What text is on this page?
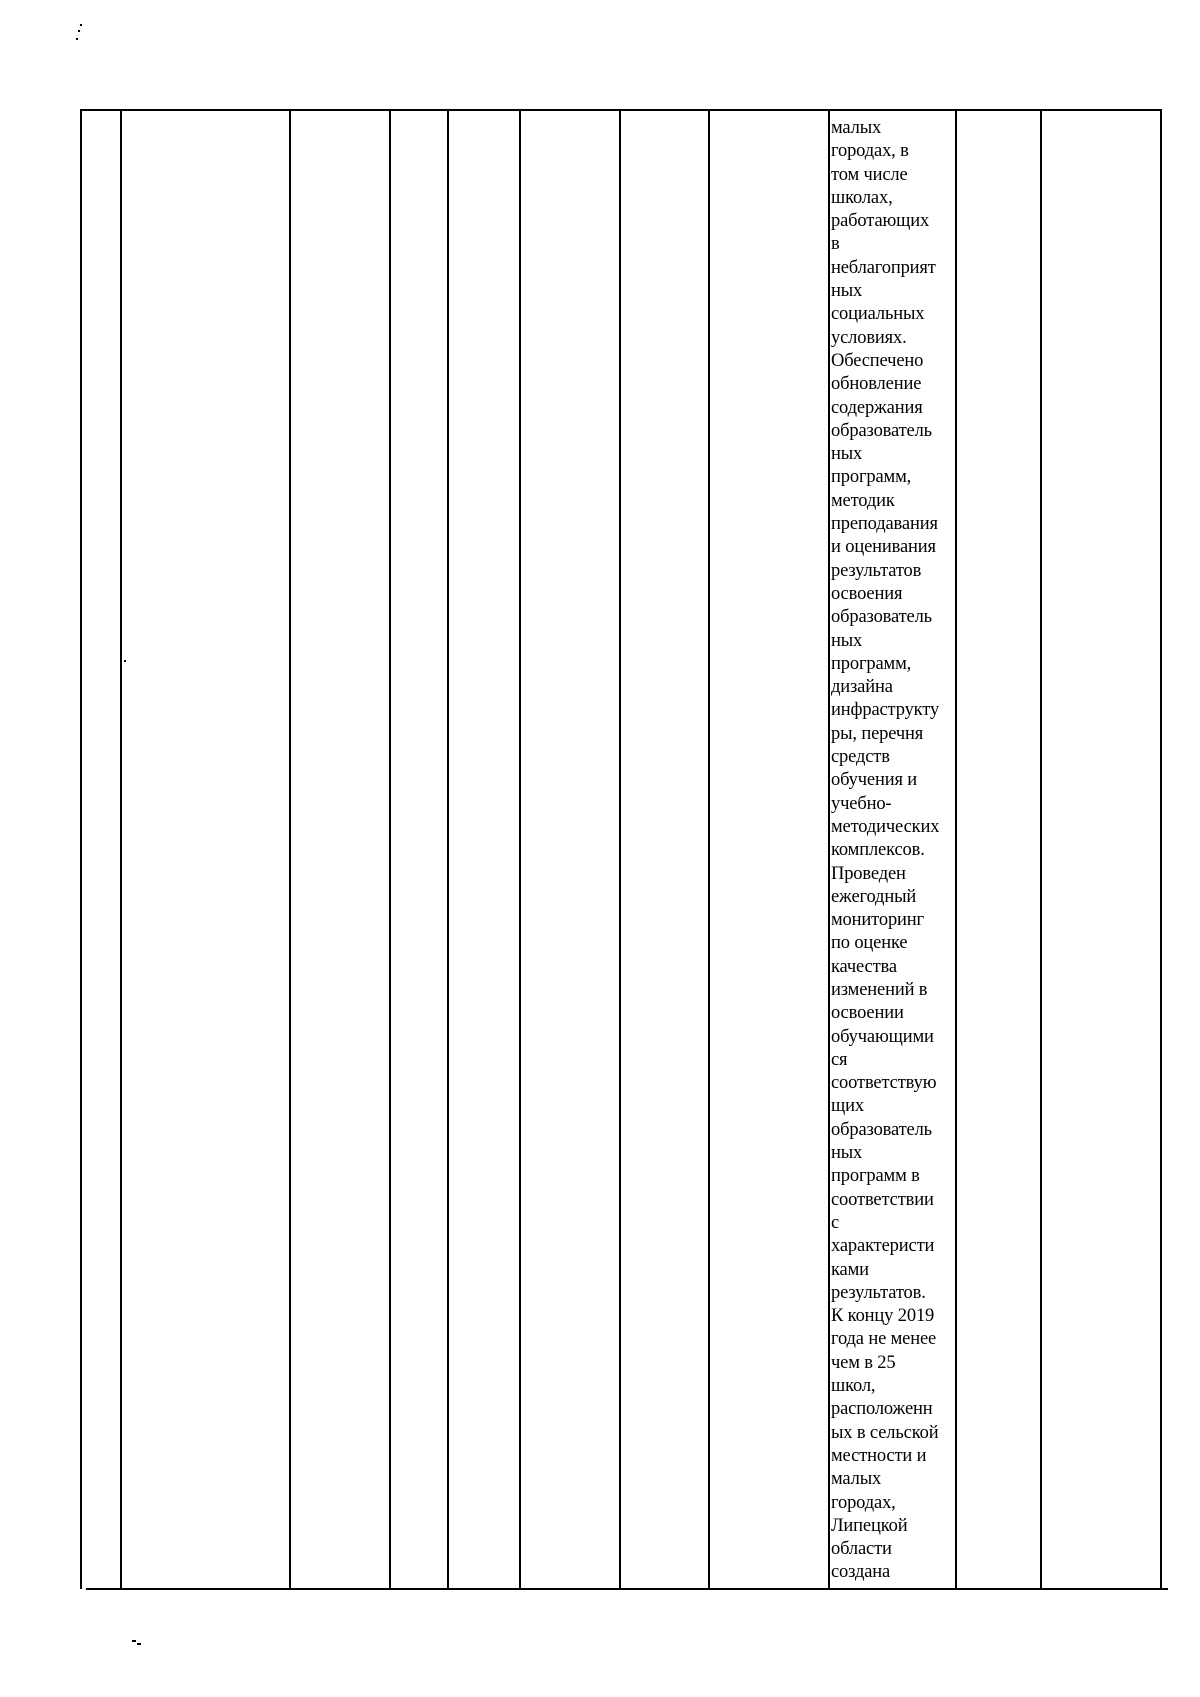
малых
городах, в
том числе
школах,
работающих
в
неблагоприят
ных
социальных
условиях.
Обеспечено
обновление
содержания
образователь
ных
программ,
методик
преподавания
и оценивания
результатов
освоения
образователь
ных
программ,
дизайна
инфраструкту
ры, перечня
средств
обучения и
учебно-
методических
комплексов.
Проведен
ежегодный
мониторинг
по оценке
качества
изменений в
освоении
обучающими
ся
соответствую
щих
образователь
ных
программ в
соответствии
с
характеристи
ками
результатов.
К концу 2019
года не менее
чем в 25
школ,
расположенн
ых в сельской
местности и
малых
городах,
Липецкой
области
создана
